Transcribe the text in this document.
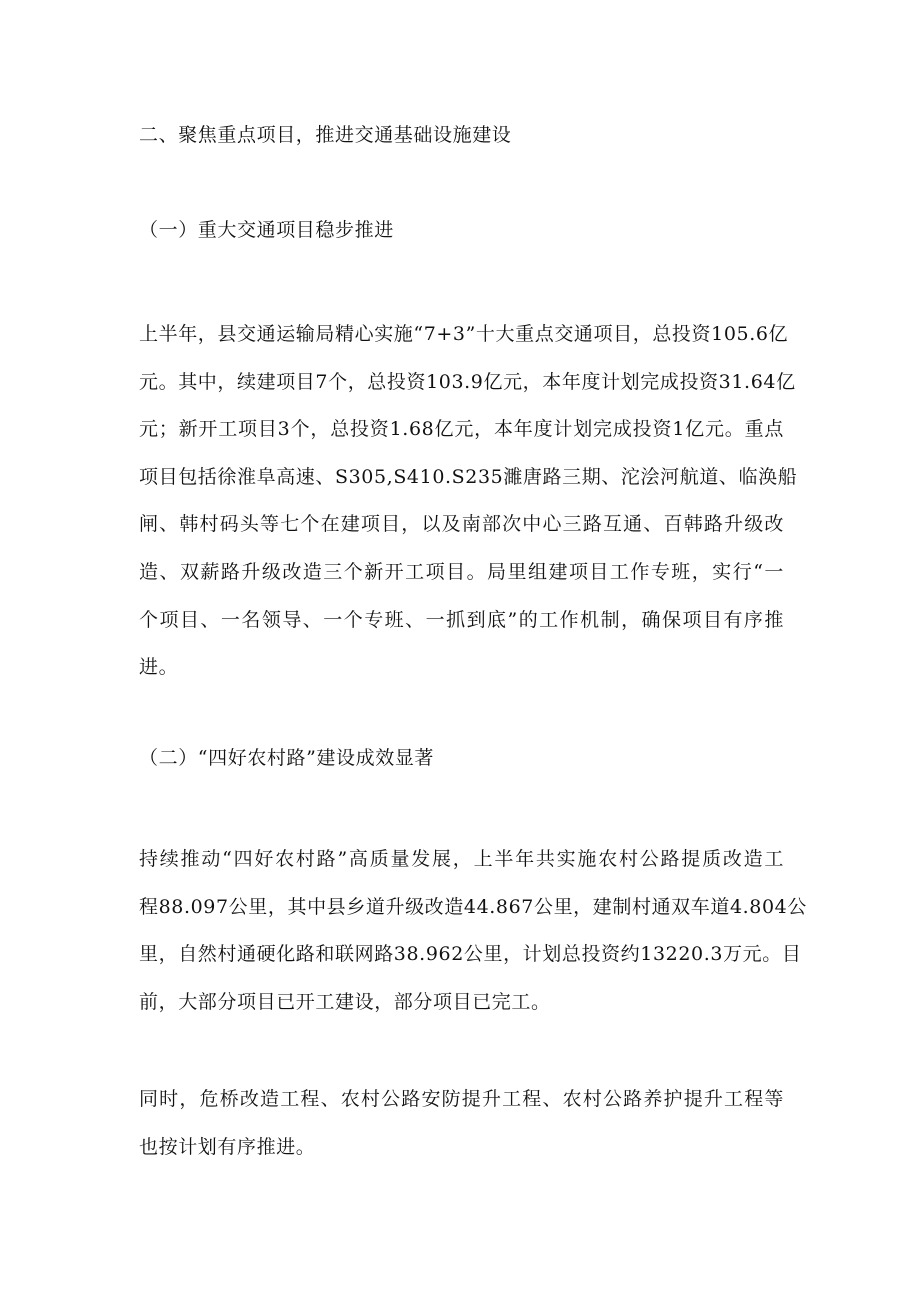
二、聚焦重点项目，推进交通基础设施建设
（一）重大交通项目稳步推进
上半年，县交通运输局精心实施“7+3”十大重点交通项目，总投资105.6亿
元。其中，续建项目7个，总投资103.9亿元，本年度计划完成投资31.64亿
元；新开工项目3个，总投资1.68亿元，本年度计划完成投资1亿元。重点
项目包括徐淮阜高速、S305,S410.S235濉唐路三期、沱浍河航道、临涣船
闸、韩村码头等七个在建项目，以及南部次中心三路互通、百韩路升级改
造、双薪路升级改造三个新开工项目。局里组建项目工作专班，实行“一
个项目、一名领导、一个专班、一抓到底”的工作机制，确保项目有序推
进。
（二）“四好农村路”建设成效显著
持续推动“四好农村路”高质量发展，上半年共实施农村公路提质改造工
程88.097公里，其中县乡道升级改造44.867公里，建制村通双车道4.804公
里，自然村通硬化路和联网路38.962公里，计划总投资约13220.3万元。目
前，大部分项目已开工建设，部分项目已完工。
同时，危桥改造工程、农村公路安防提升工程、农村公路养护提升工程等
也按计划有序推进。
